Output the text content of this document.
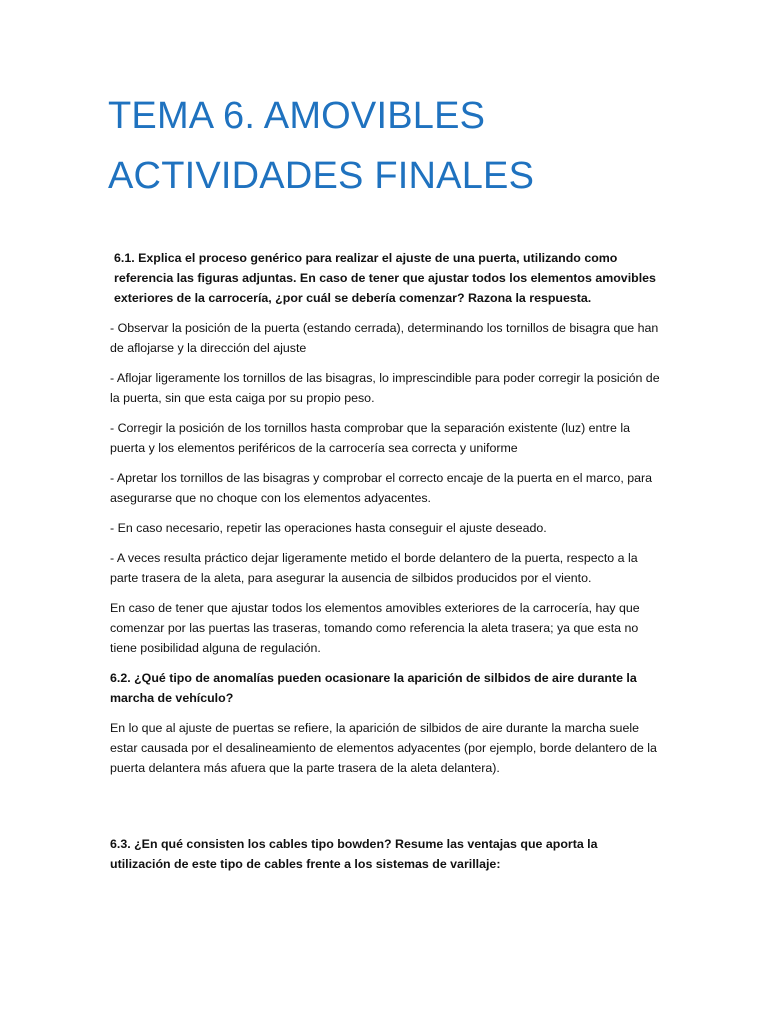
TEMA 6. AMOVIBLES
ACTIVIDADES FINALES

6.1. Explica el proceso genérico para realizar el ajuste de una puerta, utilizando como referencia las figuras adjuntas. En caso de tener que ajustar todos los elementos amovibles exteriores de la carrocería, ¿por cuál se debería comenzar? Razona la respuesta.

- Observar la posición de la puerta (estando cerrada), determinando los tornillos de bisagra que han de aflojarse y la dirección del ajuste

- Aflojar ligeramente los tornillos de las bisagras, lo imprescindible para poder corregir la posición de la puerta, sin que esta caiga por su propio peso.

- Corregir la posición de los tornillos hasta comprobar que la separación existente (luz) entre la puerta y los elementos periféricos de la carrocería sea correcta y uniforme

- Apretar los tornillos de las bisagras y comprobar el correcto encaje de la puerta en el marco, para asegurarse que no choque con los elementos adyacentes.

- En caso necesario, repetir las operaciones hasta conseguir el ajuste deseado.

- A veces resulta práctico dejar ligeramente metido el borde delantero de la puerta, respecto a la parte trasera de la aleta, para asegurar la ausencia de silbidos producidos por el viento.

En caso de tener que ajustar todos los elementos amovibles exteriores de la carrocería, hay que comenzar por las puertas las traseras, tomando como referencia la aleta trasera; ya que esta no tiene posibilidad alguna de regulación.

6.2. ¿Qué tipo de anomalías pueden ocasionare la aparición de silbidos de aire durante la marcha de vehículo?

En lo que al ajuste de puertas se refiere, la aparición de silbidos de aire durante la marcha suele estar causada por el desalineamiento de elementos adyacentes (por ejemplo, borde delantero de la puerta delantera más afuera que la parte trasera de la aleta delantera).

6.3. ¿En qué consisten los cables tipo bowden? Resume las ventajas que aporta la utilización de este tipo de cables frente a los sistemas de varillaje:
